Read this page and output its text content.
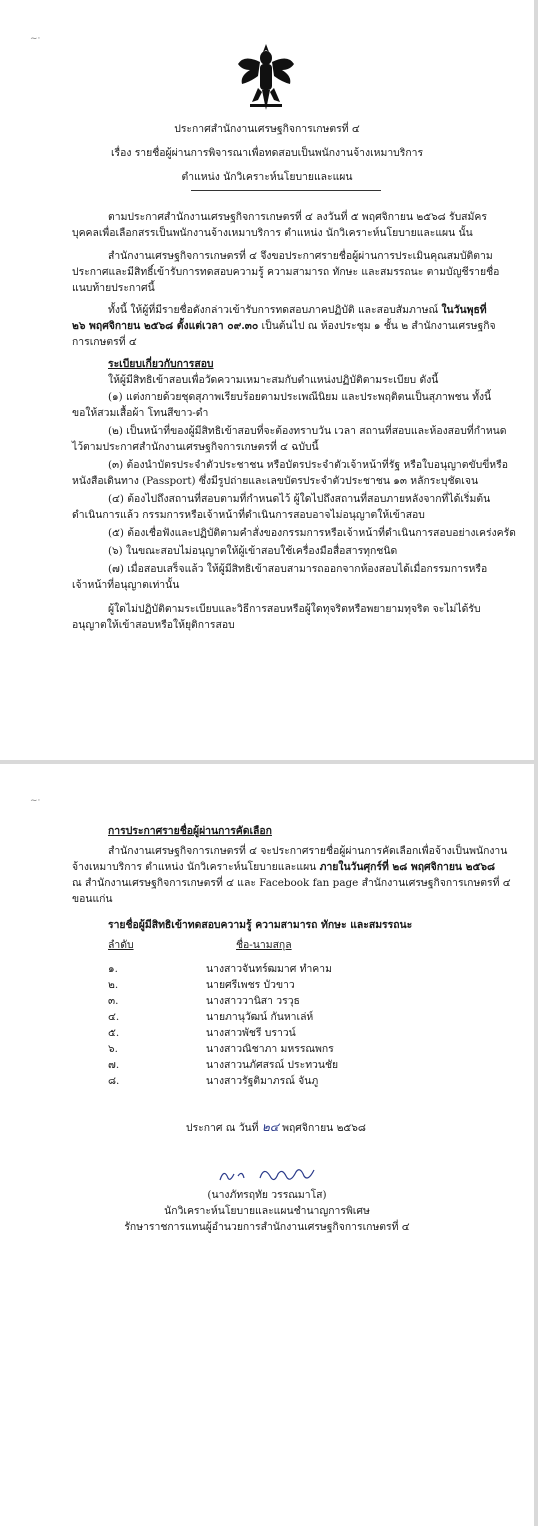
~·
ประกาศสำนักงานเศรษฐกิจการเกษตรที่ ๔
เรื่อง รายชื่อผู้ผ่านการพิจารณาเพื่อทดสอบเป็นพนักงานจ้างเหมาบริการ
ตำแหน่ง นักวิเคราะห์นโยบายและแผน
ตามประกาศสำนักงานเศรษฐกิจการเกษตรที่ ๔ ลงวันที่ ๕ พฤศจิกายน ๒๕๖๘ รับสมัคร
บุคคลเพื่อเลือกสรรเป็นพนักงานจ้างเหมาบริการ ตำแหน่ง นักวิเคราะห์นโยบายและแผน นั้น
สำนักงานเศรษฐกิจการเกษตรที่ ๔ จึงขอประกาศรายชื่อผู้ผ่านการประเมินคุณสมบัติตาม
ประกาศและมีสิทธิ์เข้ารับการทดสอบความรู้ ความสามารถ ทักษะ และสมรรถนะ ตามบัญชีรายชื่อ
แนบท้ายประกาศนี้
ทั้งนี้ ให้ผู้ที่มีรายชื่อดังกล่าวเข้ารับการทดสอบภาคปฏิบัติ และสอบสัมภาษณ์ ในวันพุธที่
๒๖ พฤศจิกายน ๒๕๖๘ ตั้งแต่เวลา ๐๙.๓๐ เป็นต้นไป ณ ห้องประชุม ๑ ชั้น ๒ สำนักงานเศรษฐกิจ
การเกษตรที่ ๔
ระเบียบเกี่ยวกับการสอบ
ให้ผู้มีสิทธิเข้าสอบเพื่อวัดความเหมาะสมกับตำแหน่งปฏิบัติตามระเบียบ ดังนี้
(๑) แต่งกายด้วยชุดสุภาพเรียบร้อยตามประเพณีนิยม และประพฤติตนเป็นสุภาพชน ทั้งนี้
ขอให้สวมเสื้อผ้า โทนสีขาว-ดำ
(๒) เป็นหน้าที่ของผู้มีสิทธิเข้าสอบที่จะต้องทราบวัน เวลา สถานที่สอบและห้องสอบที่กำหนด
ไว้ตามประกาศสำนักงานเศรษฐกิจการเกษตรที่ ๔ ฉบับนี้
(๓) ต้องนำบัตรประจำตัวประชาชน หรือบัตรประจำตัวเจ้าหน้าที่รัฐ หรือใบอนุญาตขับขี่หรือ
หนังสือเดินทาง (Passport) ซึ่งมีรูปถ่ายและเลขบัตรประจำตัวประชาชน ๑๓ หลักระบุชัดเจน
(๔) ต้องไปถึงสถานที่สอบตามที่กำหนดไว้ ผู้ใดไปถึงสถานที่สอบภายหลังจากที่ได้เริ่มต้น
ดำเนินการแล้ว กรรมการหรือเจ้าหน้าที่ดำเนินการสอบอาจไม่อนุญาตให้เข้าสอบ
(๕) ต้องเชื่อฟังและปฏิบัติตามคำสั่งของกรรมการหรือเจ้าหน้าที่ดำเนินการสอบอย่างเคร่งครัด
(๖) ในขณะสอบไม่อนุญาตให้ผู้เข้าสอบใช้เครื่องมือสื่อสารทุกชนิด
(๗) เมื่อสอบเสร็จแล้ว ให้ผู้มีสิทธิเข้าสอบสามารถออกจากห้องสอบได้เมื่อกรรมการหรือ
เจ้าหน้าที่อนุญาตเท่านั้น
ผู้ใดไม่ปฏิบัติตามระเบียบและวิธีการสอบหรือผู้ใดทุจริตหรือพยายามทุจริต จะไม่ได้รับ
อนุญาตให้เข้าสอบหรือให้ยุติการสอบ
~·
การประกาศรายชื่อผู้ผ่านการคัดเลือก
สำนักงานเศรษฐกิจการเกษตรที่ ๔ จะประกาศรายชื่อผู้ผ่านการคัดเลือกเพื่อจ้างเป็นพนักงาน
จ้างเหมาบริการ ตำแหน่ง นักวิเคราะห์นโยบายและแผน ภายในวันศุกร์ที่ ๒๘ พฤศจิกายน ๒๕๖๘
ณ สำนักงานเศรษฐกิจการเกษตรที่ ๔ และ Facebook fan page สำนักงานเศรษฐกิจการเกษตรที่ ๔
ขอนแก่น
รายชื่อผู้มีสิทธิเข้าทดสอบความรู้ ความสามารถ ทักษะ และสมรรถนะ
ลำดับ	ชื่อ-นามสกุล
๑.	นางสาวจันทร์ฒมาศ ทำคาม
๒.	นายศรีเพชร บัวขาว
๓.	นางสาววานิสา วรวุธ
๔.	นายภานุวัฒน์ กันหาเล่ห์
๕.	นางสาวพัชรี บราวน์
๖.	นางสาวณิชาภา มหรรณพกร
๗.	นางสาวนภัศสรณ์ ประทวนชัย
๘.	นางสาวรัฐติมาภรณ์ จันภู
ประกาศ ณ วันที่ ๒๔ พฤศจิกายน ๒๕๖๘
(นางภัทรฤทัย วรรณมาโส)
นักวิเคราะห์นโยบายและแผนชำนาญการพิเศษ
รักษาราชการแทนผู้อำนวยการสำนักงานเศรษฐกิจการเกษตรที่ ๔
